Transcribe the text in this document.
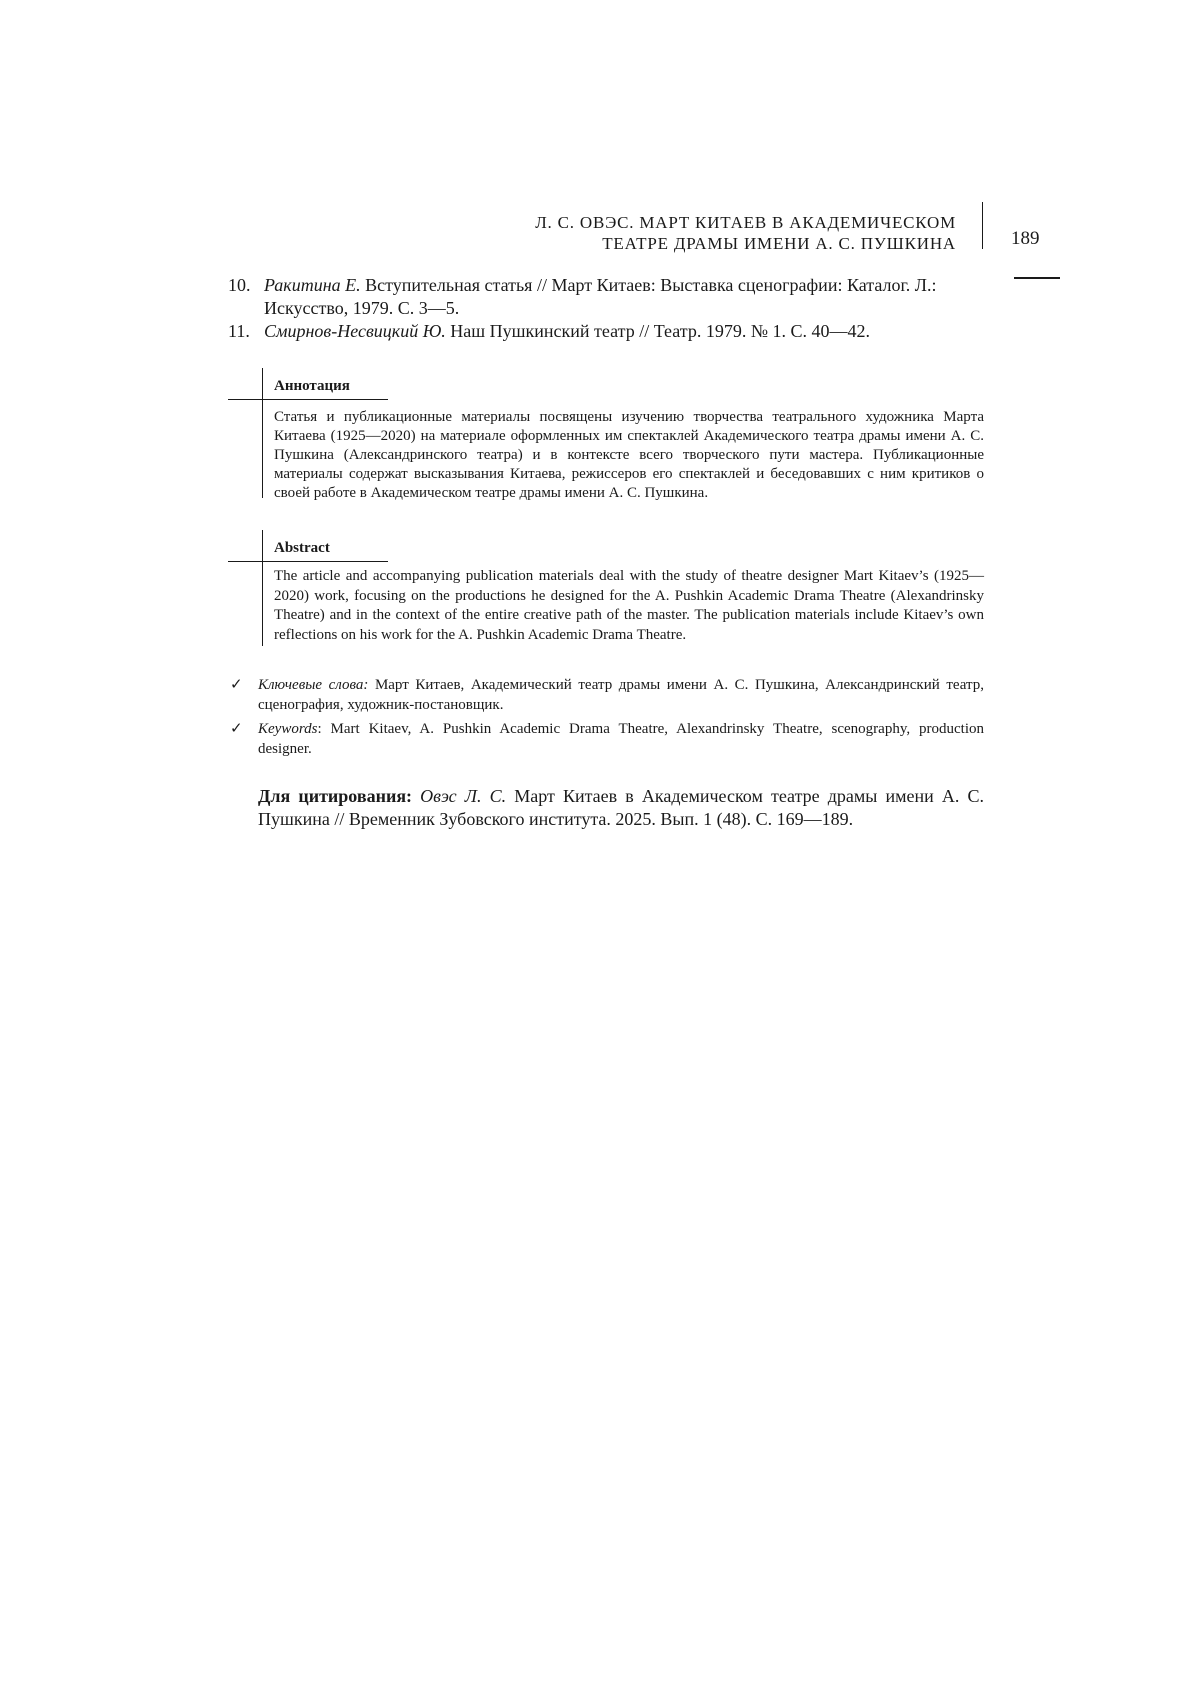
Л. С. ОВЭС. МАРТ КИТАЕВ В АКАДЕМИЧЕСКОМ
ТЕАТРЕ ДРАМЫ ИМЕНИ А. С. ПУШКИНА	189
10. Ракитина Е. Вступительная статья // Март Китаев: Выставка сценографии: Каталог. Л.: Искусство, 1979. С. 3—5.
11. Смирнов-Несвицкий Ю. Наш Пушкинский театр // Театр. 1979. № 1. С. 40—42.
Аннотация
Статья и публикационные материалы посвящены изучению творчества театрального художника Марта Китаева (1925—2020) на материале оформленных им спектаклей Академического театра драмы имени А. С. Пушкина (Александринского театра) и в контексте всего творческого пути мастера. Публикационные материалы содержат высказывания Китаева, режиссеров его спектаклей и беседовавших с ним критиков о своей работе в Академическом театре драмы имени А. С. Пушкина.
Abstract
The article and accompanying publication materials deal with the study of theatre designer Mart Kitaev’s (1925—2020) work, focusing on the productions he designed for the A. Pushkin Academic Drama Theatre (Alexandrinsky Theatre) and in the context of the entire creative path of the master. The publication materials include Kitaev’s own reflections on his work for the A. Pushkin Academic Drama Theatre.
✓ Ключевые слова: Март Китаев, Академический театр драмы имени А. С. Пушкина, Александринский театр, сценография, художник-постановщик.
✓ Keywords: Mart Kitaev, A. Pushkin Academic Drama Theatre, Alexandrinsky Theatre, scenography, production designer.
Для цитирования: Овэс Л. С. Март Китаев в Академическом театре драмы имени А. С. Пушкина // Временник Зубовского института. 2025. Вып. 1 (48). С. 169—189.
